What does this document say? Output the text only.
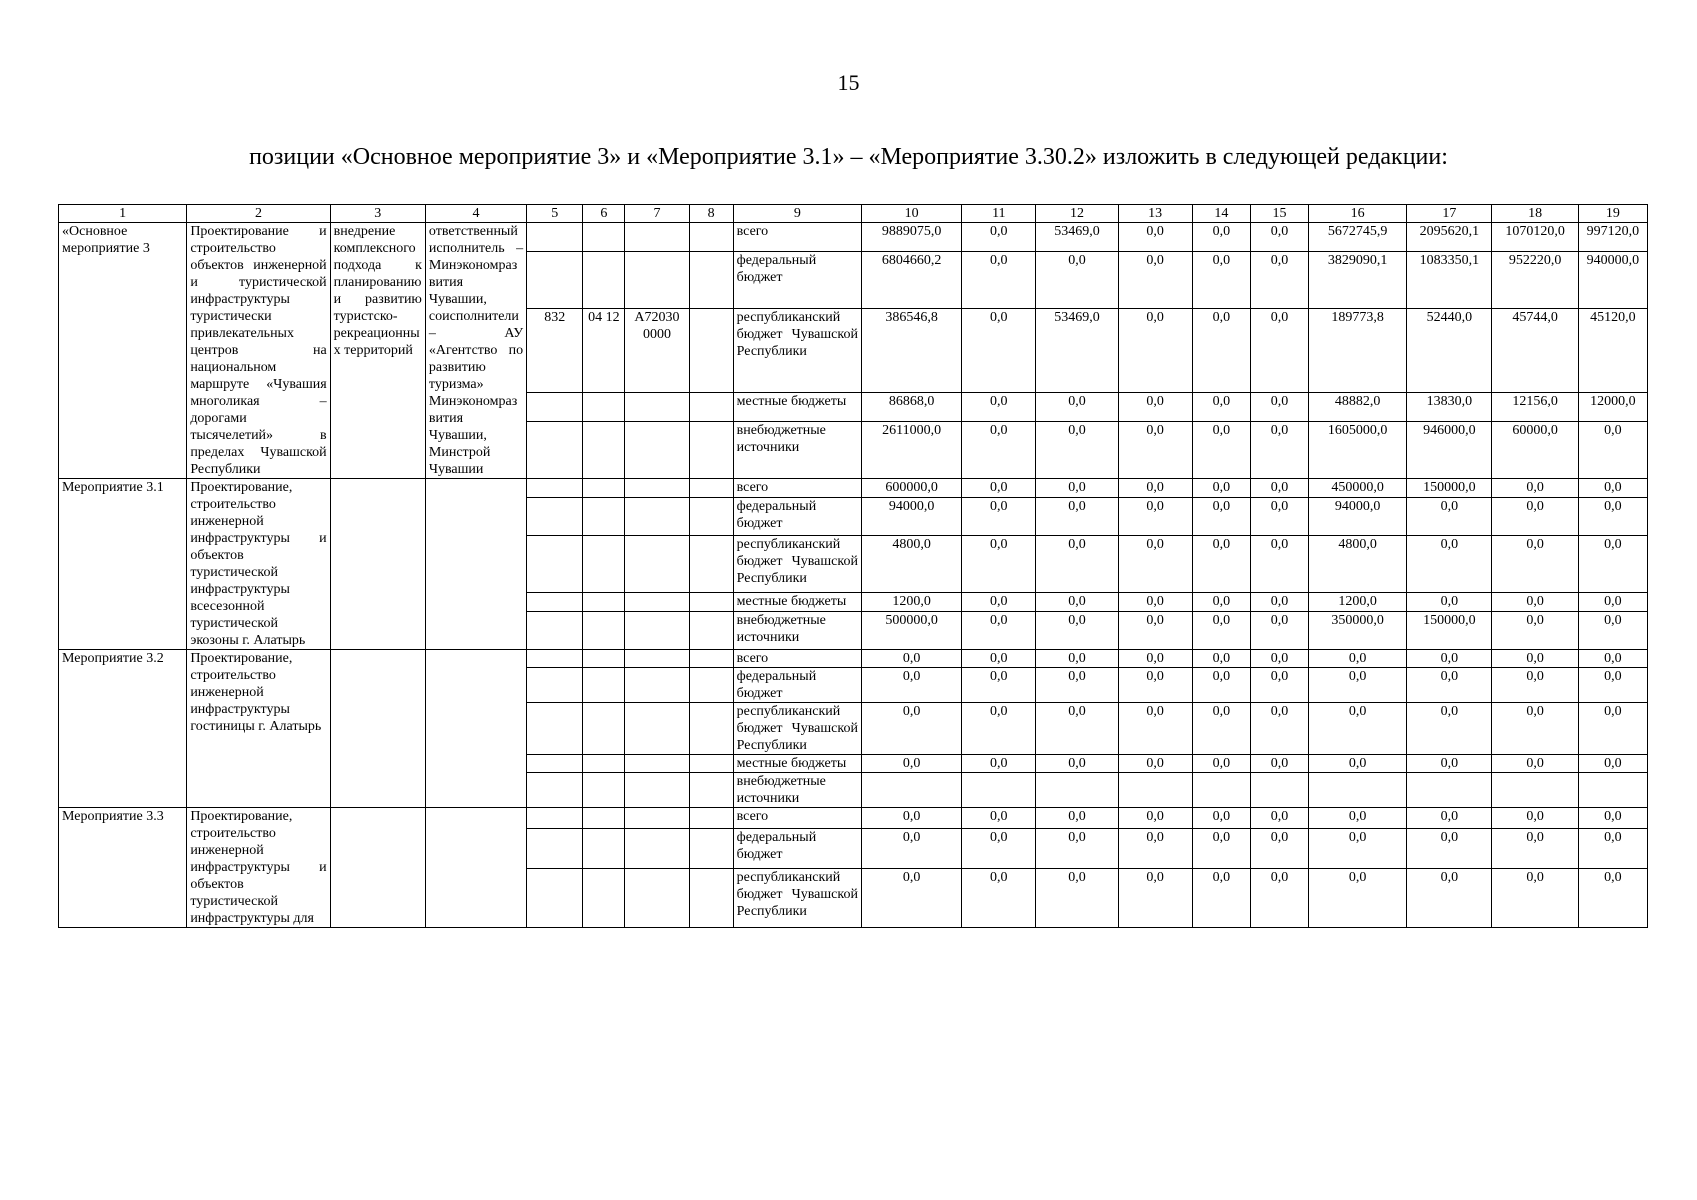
15
позиции «Основное мероприятие 3» и «Мероприятие 3.1» – «Мероприятие 3.30.2» изложить в следующей редакции:
1	2	3	4	5	6	7	8	9	10	11	12	13	14	15	16	17	18	19
«Основное мероприятие 3	Проектирование и строительство объектов инженерной и туристической инфраструктуры туристически привлекательных центров на национальном маршруте «Чувашия многоликая – дорогами тысячелетий» в пределах Чувашской Республики	внедрение комплексного подхода к планированию и развитию туристско-рекреационных территорий	ответственный исполнитель – Минэкономразвития Чувашии, соисполнители – АУ «Агентство по развитию туризма» Минэкономразвития Чувашии, Минстрой Чувашии					всего	9889075,0	0,0	53469,0	0,0	0,0	0,0	5672745,9	2095620,1	1070120,0	997120,0
								федеральный бюджет	6804660,2	0,0	0,0	0,0	0,0	0,0	3829090,1	1083350,1	952220,0	940000,0
				832	04 12	А72030 0000		республиканский бюджет Чувашской Республики	386546,8	0,0	53469,0	0,0	0,0	0,0	189773,8	52440,0	45744,0	45120,0
								местные бюджеты	86868,0	0,0	0,0	0,0	0,0	0,0	48882,0	13830,0	12156,0	12000,0
								внебюджетные источники	2611000,0	0,0	0,0	0,0	0,0	0,0	1605000,0	946000,0	60000,0	0,0
Мероприятие 3.1	Проектирование, строительство инженерной инфраструктуры и объектов туристической инфраструктуры всесезонной туристической экозоны г. Алатырь							всего	600000,0	0,0	0,0	0,0	0,0	0,0	450000,0	150000,0	0,0	0,0
								федеральный бюджет	94000,0	0,0	0,0	0,0	0,0	0,0	94000,0	0,0	0,0	0,0
								республиканский бюджет Чувашской Республики	4800,0	0,0	0,0	0,0	0,0	0,0	4800,0	0,0	0,0	0,0
								местные бюджеты	1200,0	0,0	0,0	0,0	0,0	0,0	1200,0	0,0	0,0	0,0
								внебюджетные источники	500000,0	0,0	0,0	0,0	0,0	0,0	350000,0	150000,0	0,0	0,0
Мероприятие 3.2	Проектирование, строительство инженерной инфраструктуры гостиницы г. Алатырь							всего	0,0	0,0	0,0	0,0	0,0	0,0	0,0	0,0	0,0	0,0
								федеральный бюджет	0,0	0,0	0,0	0,0	0,0	0,0	0,0	0,0	0,0	0,0
								республиканский бюджет Чувашской Республики	0,0	0,0	0,0	0,0	0,0	0,0	0,0	0,0	0,0	0,0
								местные бюджеты	0,0	0,0	0,0	0,0	0,0	0,0	0,0	0,0	0,0	0,0
								внебюджетные источники										
Мероприятие 3.3	Проектирование, строительство инженерной инфраструктуры и объектов туристической инфраструктуры для							всего	0,0	0,0	0,0	0,0	0,0	0,0	0,0	0,0	0,0	0,0
								федеральный бюджет	0,0	0,0	0,0	0,0	0,0	0,0	0,0	0,0	0,0	0,0
								республиканский бюджет Чувашской Республики	0,0	0,0	0,0	0,0	0,0	0,0	0,0	0,0	0,0	0,0
